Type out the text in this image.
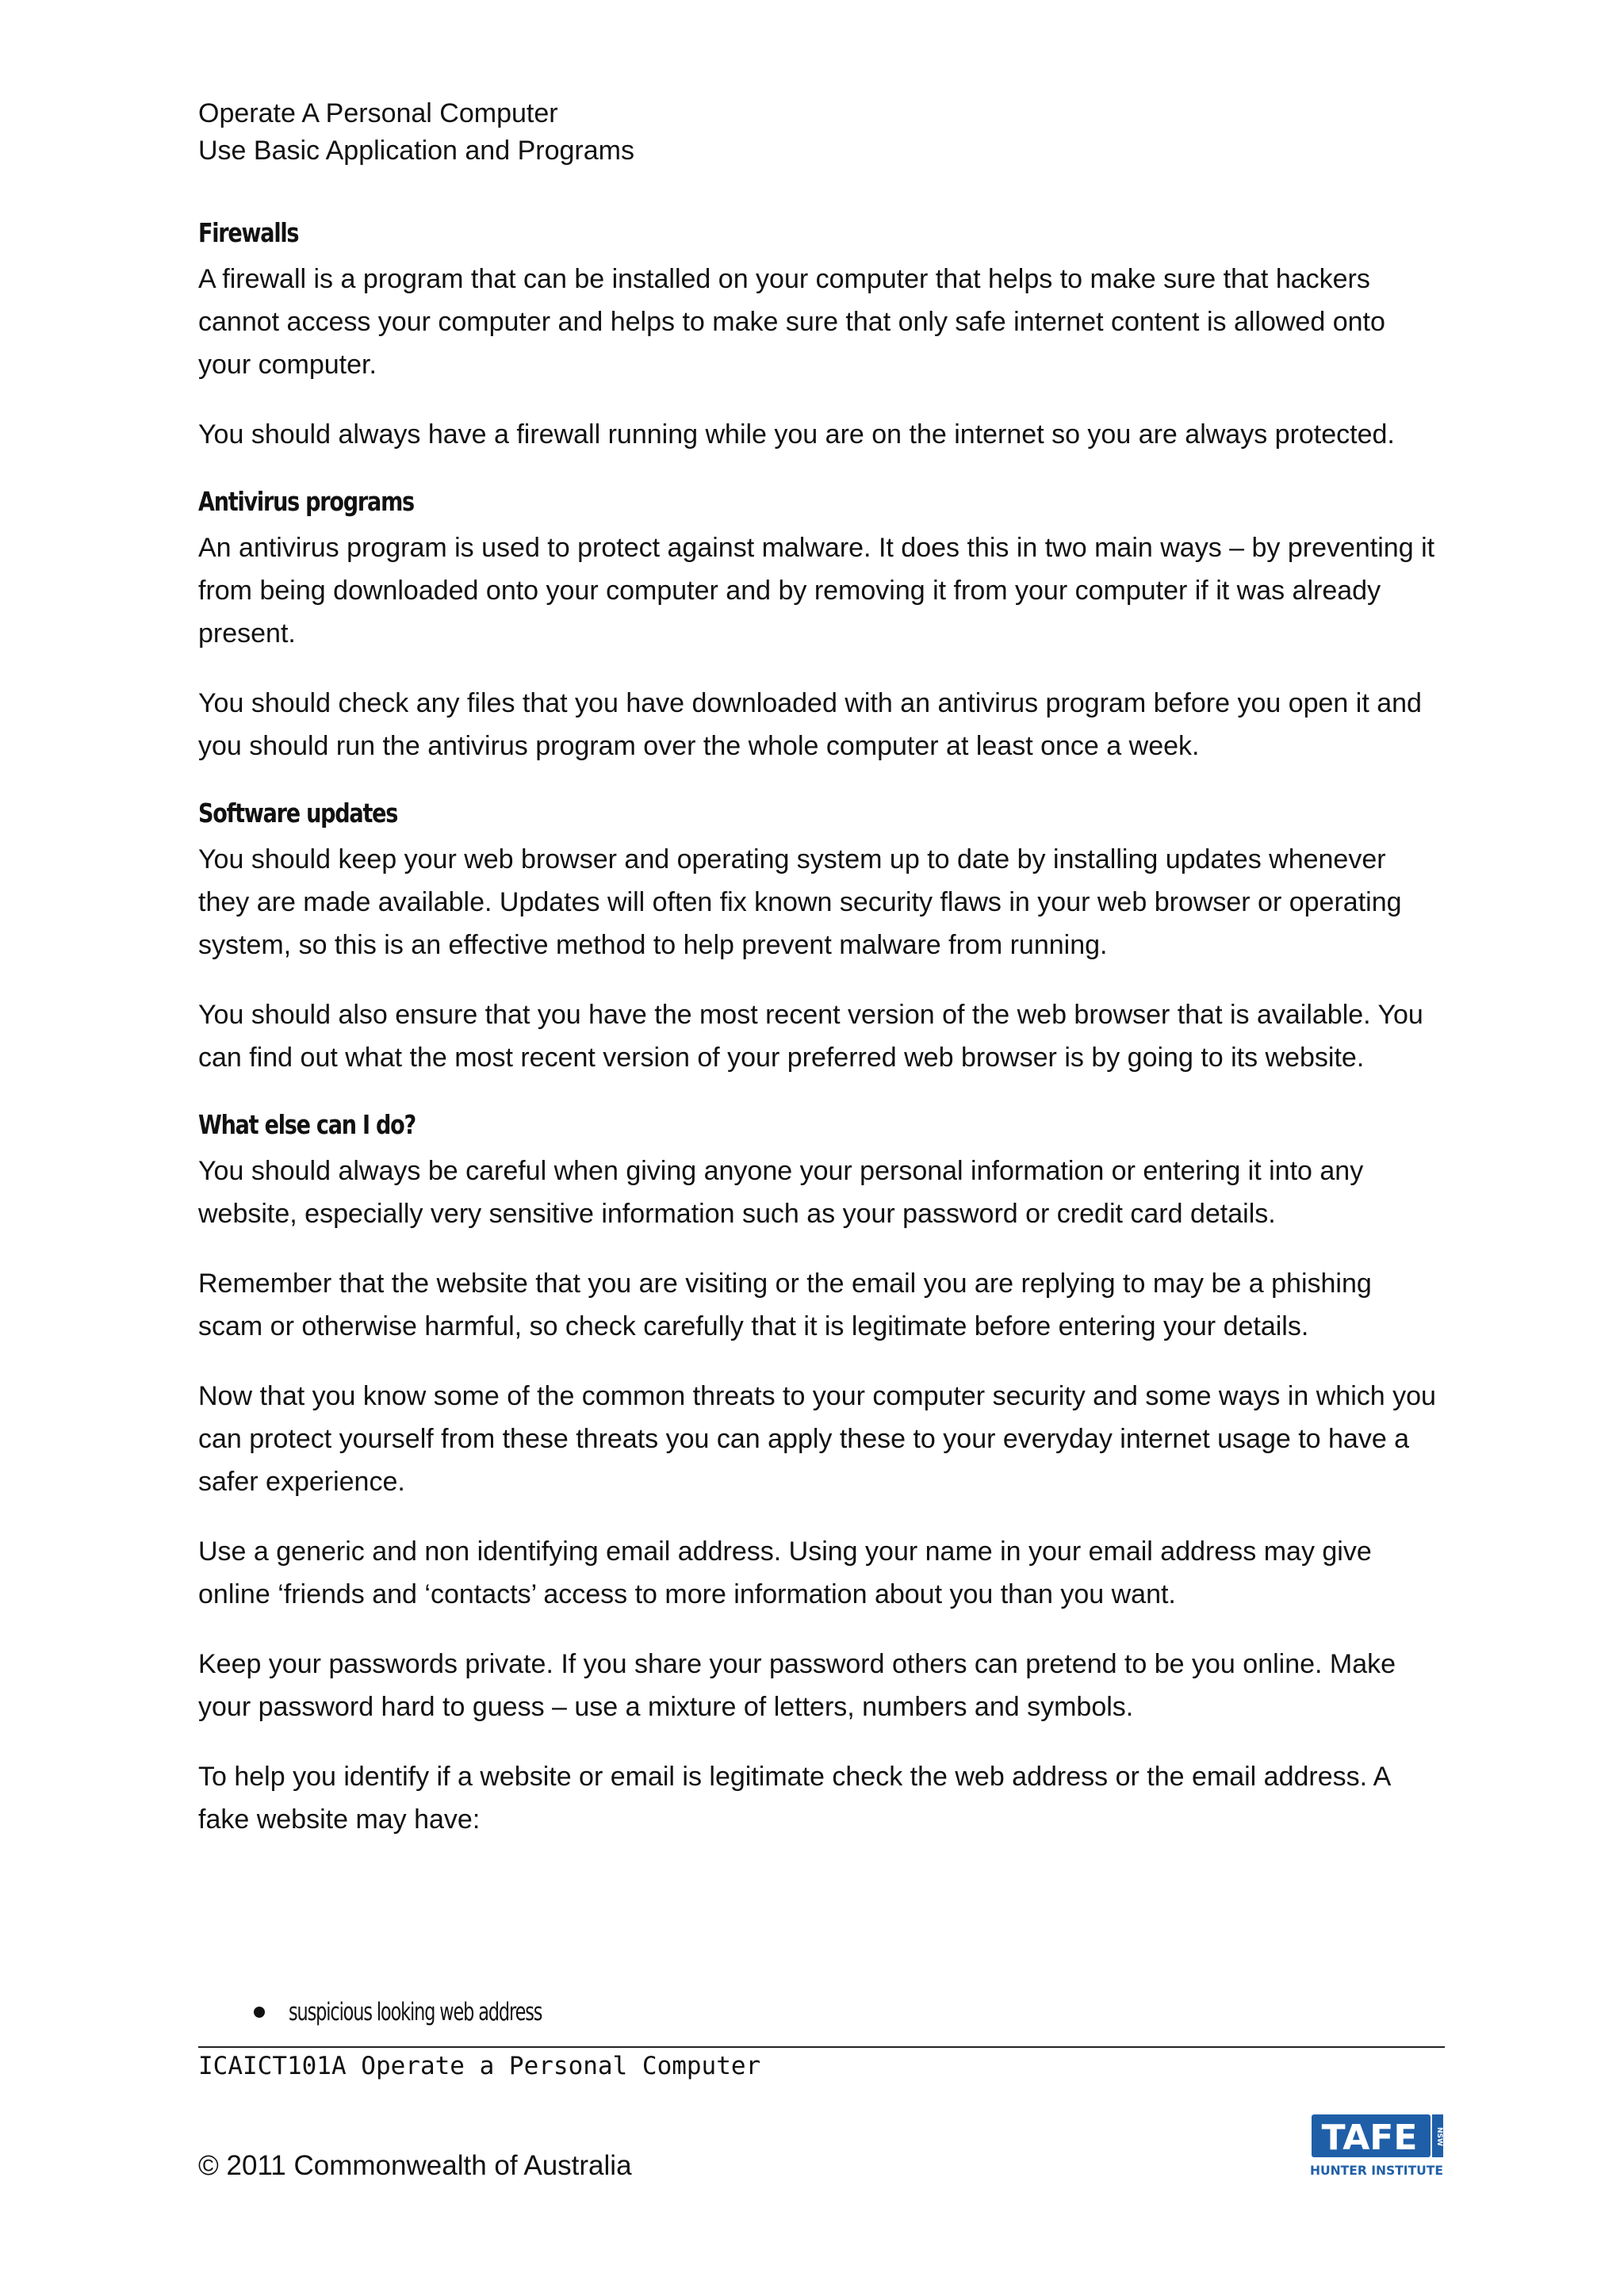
Operate A Personal Computer
Use Basic Application and Programs
Firewalls

A firewall is a program that can be installed on your computer that helps to make sure that hackers cannot access your computer and helps to make sure that only safe internet content is allowed onto your computer.

You should always have a firewall running while you are on the internet so you are always protected.

Antivirus programs

An antivirus program is used to protect against malware. It does this in two main ways – by preventing it from being downloaded onto your computer and by removing it from your computer if it was already present.

You should check any files that you have downloaded with an antivirus program before you open it and you should run the antivirus program over the whole computer at least once a week.

Software updates

You should keep your web browser and operating system up to date by installing updates whenever they are made available. Updates will often fix known security flaws in your web browser or operating system, so this is an effective method to help prevent malware from running.

You should also ensure that you have the most recent version of the web browser that is available. You can find out what the most recent version of your preferred web browser is by going to its website.

What else can I do?

You should always be careful when giving anyone your personal information or entering it into any website, especially very sensitive information such as your password or credit card details.

Remember that the website that you are visiting or the email you are replying to may be a phishing scam or otherwise harmful, so check carefully that it is legitimate before entering your details.

Now that you know some of the common threats to your computer security and some ways in which you can protect yourself from these threats you can apply these to your everyday internet usage to have a safer experience.

Use a generic and non identifying email address. Using your name in your email address may give online ‘friends and ‘contacts’ access to more information about you than you want.

Keep your passwords private. If you share your password others can pretend to be you online. Make your password hard to guess – use a mixture of letters, numbers and symbols.

To help you identify if a website or email is legitimate check the web address or the email address. A fake website may have:

suspicious looking web address
ICAICT101A Operate a Personal Computer
© 2011 Commonwealth of Australia
TAFE	NSW
HUNTER INSTITUTE
